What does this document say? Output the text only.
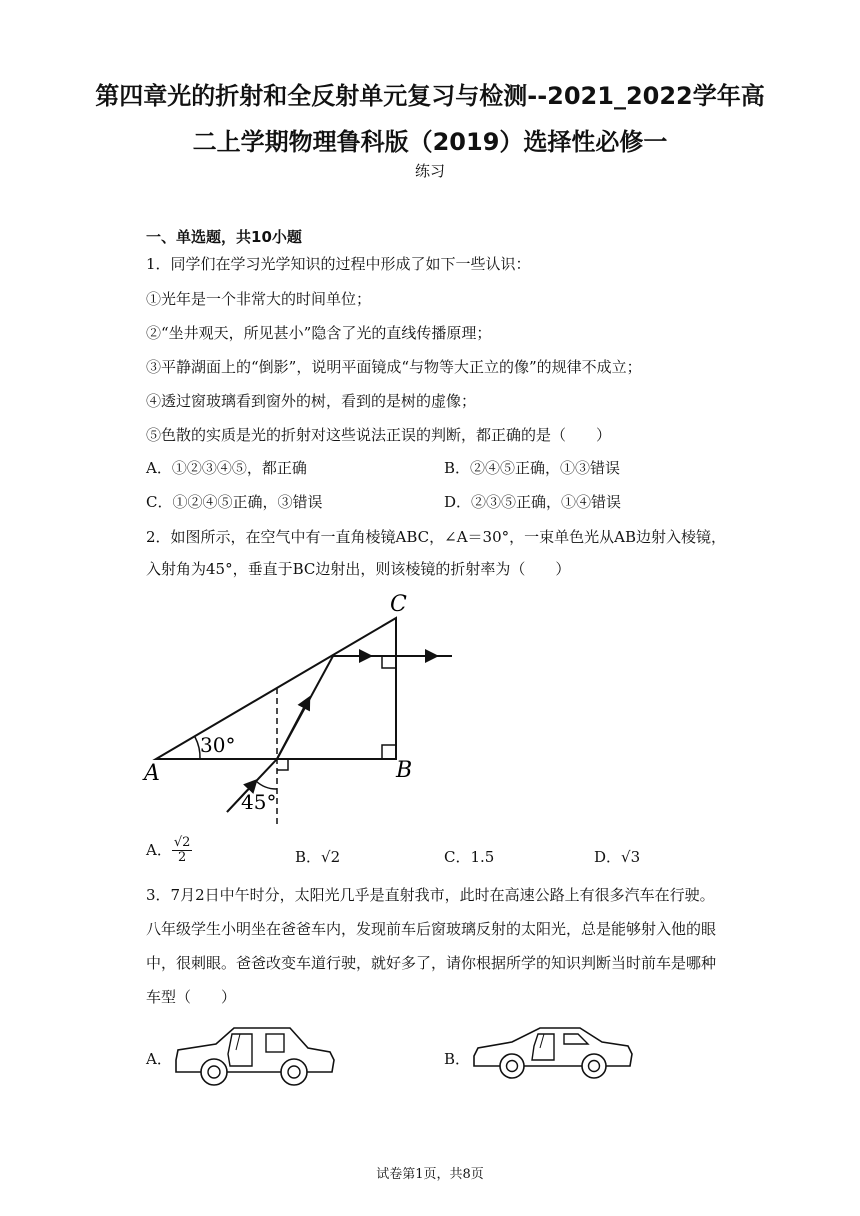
第四章光的折射和全反射单元复习与检测--2021_2022学年高
二上学期物理鲁科版（2019）选择性必修一
练习
一、单选题，共10小题
1．同学们在学习光学知识的过程中形成了如下一些认识：
①光年是一个非常大的时间单位；
②“坐井观天，所见甚小”隐含了光的直线传播原理；
③平静湖面上的“倒影”，说明平面镜成“与物等大正立的像”的规律不成立；
④透过窗玻璃看到窗外的树，看到的是树的虚像；
⑤色散的实质是光的折射对这些说法正误的判断，都正确的是（　　）
A．①②③④⑤，都正确	B．②④⑤正确，①③错误
C．①②④⑤正确，③错误	D．②③⑤正确，①④错误
2．如图所示，在空气中有一直角棱镜ABC，∠A＝30°，一束单色光从AB边射入棱镜，
入射角为45°，垂直于BC边射出，则该棱镜的折射率为（　　）
A	B
C
30°
45°
A． $\frac{√2}{2}$	B．√2	C．1.5	D．√3
3．7月2日中午时分，太阳光几乎是直射我市，此时在高速公路上有很多汽车在行驶。
八年级学生小明坐在爸爸车内，发现前车后窗玻璃反射的太阳光，总是能够射入他的眼
中，很刺眼。爸爸改变车道行驶，就好多了，请你根据所学的知识判断当时前车是哪种
车型（　　）
A．	B．
试卷第1页，共8页
